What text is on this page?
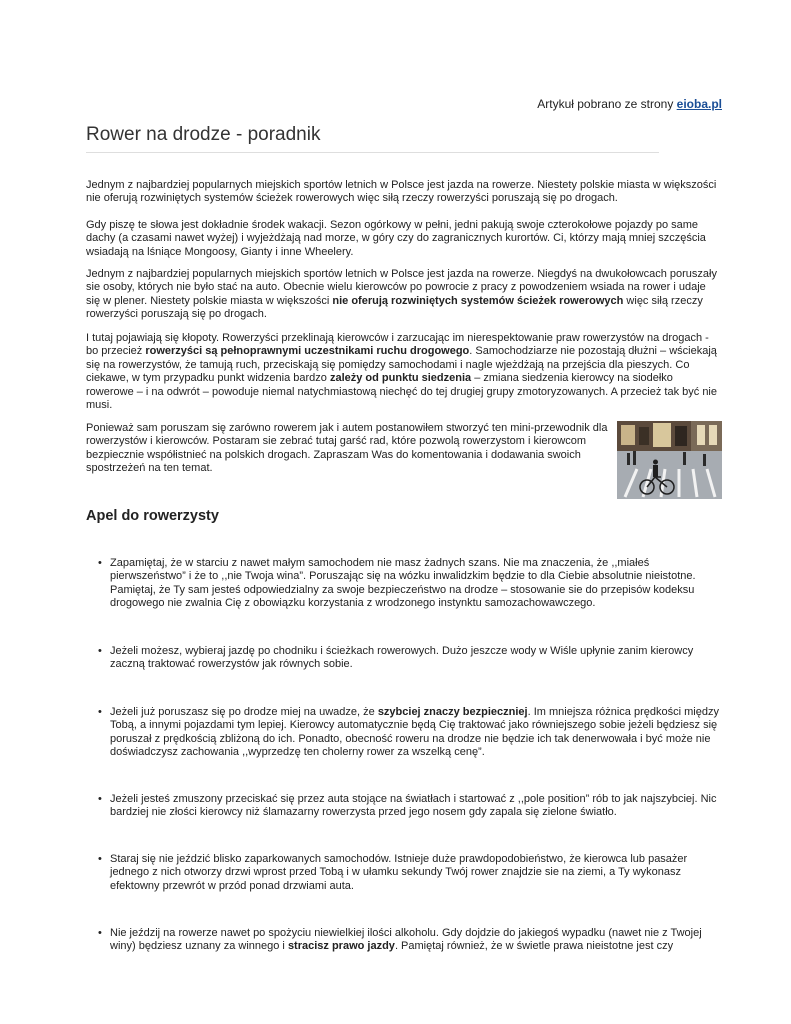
Artykuł pobrano ze strony eioba.pl
Rower na drodze - poradnik

Jednym z najbardziej popularnych miejskich sportów letnich w Polsce jest jazda na rowerze. Niestety polskie miasta w większości nie oferują rozwiniętych systemów ścieżek rowerowych więc siłą rzeczy rowerzyści poruszają się po drogach.

Gdy piszę te słowa jest dokładnie środek wakacji. Sezon ogórkowy w pełni, jedni pakują swoje czterokołowe pojazdy po same dachy (a czasami nawet wyżej) i wyjeżdżają nad morze, w góry czy do zagranicznych kurortów. Ci, którzy mają mniej szczęścia wsiadają na lśniące Mongoosy, Gianty i inne Wheelery.

Jednym z najbardziej popularnych miejskich sportów letnich w Polsce jest jazda na rowerze. Niegdyś na dwukołowcach poruszały sie osoby, których nie było stać na auto. Obecnie wielu kierowców po powrocie z pracy z powodzeniem wsiada na rower i udaje się w plener. Niestety polskie miasta w większości nie oferują rozwiniętych systemów ścieżek rowerowych więc siłą rzeczy rowerzyści poruszają się po drogach.

I tutaj pojawiają się kłopoty. Rowerzyści przeklinają kierowców i zarzucając im nierespektowanie praw rowerzystów na drogach - bo przecież rowerzyści są pełnoprawnymi uczestnikami ruchu drogowego. Samochodziarze nie pozostają dłużni – wściekają się na rowerzystów, że tamują ruch, przeciskają się pomiędzy samochodami i nagle wjeżdżają na przejścia dla pieszych. Co ciekawe, w tym przypadku punkt widzenia bardzo zależy od punktu siedzenia – zmiana siedzenia kierowcy na siodełko rowerowe – i na odwrót – powoduje niemal natychmiastową niechęć do tej drugiej grupy zmotoryzowanych. A przecież tak być nie musi.

Ponieważ sam poruszam się zarówno rowerem jak i autem postanowiłem stworzyć ten mini-przewodnik dla rowerzystów i kierowców. Postaram sie zebrać tutaj garść rad, które pozwolą rowerzystom i kierowcom bezpiecznie współistnieć na polskich drogach. Zapraszam Was do komentowania i dodawania swoich spostrzeżeń na ten temat.

Apel do rowerzysty
• Zapamiętaj, że w starciu z nawet małym samochodem nie masz żadnych szans. Nie ma znaczenia, że ,,miałeś pierwszeństwo” i że to ,,nie Twoja wina”. Poruszając się na wózku inwalidzkim będzie to dla Ciebie absolutnie nieistotne. Pamiętaj, że Ty sam jesteś odpowiedzialny za swoje bezpieczeństwo na drodze – stosowanie sie do przepisów kodeksu drogowego nie zwalnia Cię z obowiązku korzystania z wrodzonego instynktu samozachowawczego.
• Jeżeli możesz, wybieraj jazdę po chodniku i ścieżkach rowerowych. Dużo jeszcze wody w Wiśle upłynie zanim kierowcy zaczną traktować rowerzystów jak równych sobie.
• Jeżeli już poruszasz się po drodze miej na uwadze, że szybciej znaczy bezpieczniej. Im mniejsza różnica prędkości między Tobą, a innymi pojazdami tym lepiej. Kierowcy automatycznie będą Cię traktować jako równiejszego sobie jeżeli będziesz się poruszał z prędkością zbliżoną do ich. Ponadto, obecność roweru na drodze nie będzie ich tak denerwowała i być może nie doświadczysz zachowania ,,wyprzedzę ten cholerny rower za wszelką cenę”.
• Jeżeli jesteś zmuszony przeciskać się przez auta stojące na światłach i startować z ,,pole position” rób to jak najszybciej. Nic bardziej nie złości kierowcy niż ślamazarny rowerzysta przed jego nosem gdy zapala się zielone światło.
• Staraj się nie jeździć blisko zaparkowanych samochodów. Istnieje duże prawdopodobieństwo, że kierowca lub pasażer jednego z nich otworzy drzwi wprost przed Tobą i w ułamku sekundy Twój rower znajdzie sie na ziemi, a Ty wykonasz efektowny przewrót w przód ponad drzwiami auta.
• Nie jeździj na rowerze nawet po spożyciu niewielkiej ilości alkoholu. Gdy dojdzie do jakiegoś wypadku (nawet nie z Twojej winy) będziesz uznany za winnego i stracisz prawo jazdy. Pamiętaj również, że w świetle prawa nieistotne jest czy
